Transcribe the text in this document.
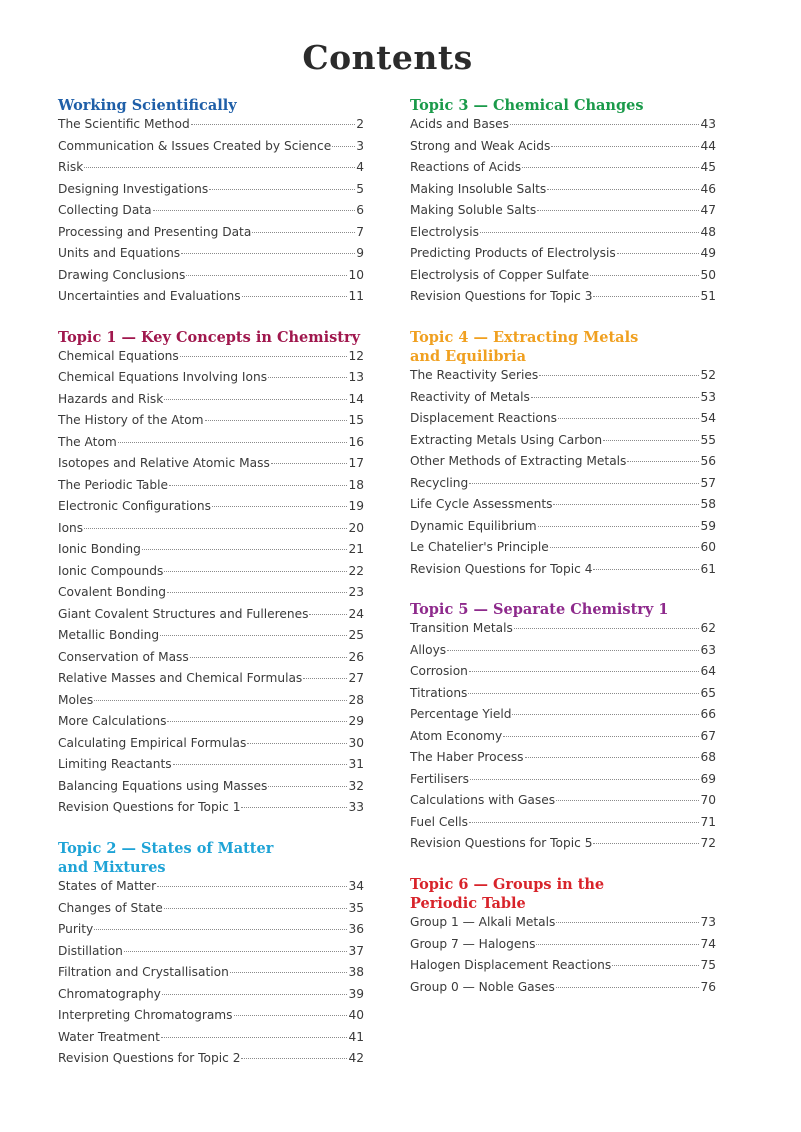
Contents
Working Scientifically
The Scientific Method	2
Communication & Issues Created by Science 3
Risk	4
Designing Investigations	5
Collecting Data	6
Processing and Presenting Data	7
Units and Equations	9
Drawing Conclusions	10
Uncertainties and Evaluations	11
Topic 1 — Key Concepts in Chemistry
Chemical Equations	12
Chemical Equations Involving Ions	13
Hazards and Risk	14
The History of the Atom	15
The Atom	16
Isotopes and Relative Atomic Mass	17
The Periodic Table	18
Electronic Configurations	19
Ions	20
Ionic Bonding	21
Ionic Compounds	22
Covalent Bonding	23
Giant Covalent Structures and Fullerenes	24
Metallic Bonding	25
Conservation of Mass	26
Relative Masses and Chemical Formulas	27
Moles	28
More Calculations	29
Calculating Empirical Formulas	30
Limiting Reactants	31
Balancing Equations using Masses	32
Revision Questions for Topic 1	33
Topic 2 — States of Matter
and Mixtures
States of Matter	34
Changes of State	35
Purity	36
Distillation	37
Filtration and Crystallisation	38
Chromatography	39
Interpreting Chromatograms	40
Water Treatment	41
Revision Questions for Topic 2	42
Topic 3 — Chemical Changes
Acids and Bases	43
Strong and Weak Acids	44
Reactions of Acids	45
Making Insoluble Salts	46
Making Soluble Salts	47
Electrolysis	48
Predicting Products of Electrolysis	49
Electrolysis of Copper Sulfate	50
Revision Questions for Topic 3	51
Topic 4 — Extracting Metals
and Equilibria
The Reactivity Series	52
Reactivity of Metals	53
Displacement Reactions	54
Extracting Metals Using Carbon	55
Other Methods of Extracting Metals	56
Recycling	57
Life Cycle Assessments	58
Dynamic Equilibrium	59
Le Chatelier's Principle	60
Revision Questions for Topic 4	61
Topic 5 — Separate Chemistry 1
Transition Metals	62
Alloys	63
Corrosion	64
Titrations	65
Percentage Yield	66
Atom Economy	67
The Haber Process	68
Fertilisers	69
Calculations with Gases	70
Fuel Cells	71
Revision Questions for Topic 5	72
Topic 6 — Groups in the
Periodic Table
Group 1 — Alkali Metals	73
Group 7 — Halogens	74
Halogen Displacement Reactions	75
Group 0 — Noble Gases	76
